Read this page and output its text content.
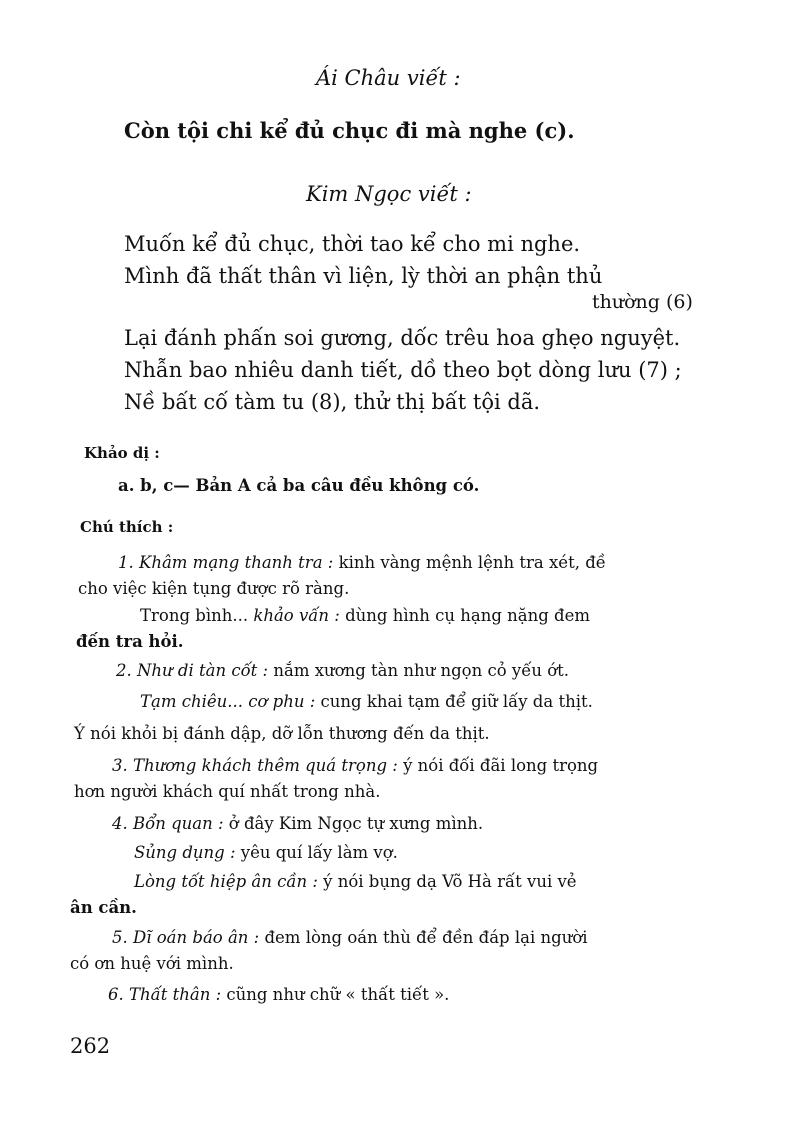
Ái Châu viết :
Còn tội chi kể đủ chục đi mà nghe (c).
Kim Ngọc viết :
Muốn kể đủ chục, thời tao kể cho mi nghe.
Mình đã thất thân vì liện, lỳ thời an phận thủ
thường (6)
Lại đánh phấn soi gương, dốc trêu hoa ghẹo nguyệt.
Nhẫn bao nhiêu danh tiết, dồ theo bọt dòng lưu (7) ;
Nề bất cố tàm tu (8), thử thị bất tội dã.
Khảo dị :
a. b, c— Bản A cả ba câu đều không có.
Chú thích :
1. Khâm mạng thanh tra : kinh vàng mệnh lệnh tra xét, đề
cho việc kiện tụng được rõ ràng.
Trong bình... khảo vấn : dùng hình cụ hạng nặng đem
đến tra hỏi.
2. Như di tàn cốt : nắm xương tàn như ngọn cỏ yếu ớt.
Tạm chiêu... cơ phu : cung khai tạm để giữ lấy da thịt.
Ý nói khỏi bị đánh dập, dỡ lỗn thương đến da thịt.
3. Thương khách thêm quá trọng : ý nói đối đãi long trọng
hơn người khách quí nhất trong nhà.
4. Bổn quan : ở đây Kim Ngọc tự xưng mình.
Sủng dụng : yêu quí lấy làm vợ.
Lòng tốt hiệp ân cần : ý nói bụng dạ Võ Hà rất vui vẻ
ân cần.
5. Dĩ oán báo ân : đem lòng oán thù để đền đáp lại người
có ơn huệ với mình.
6. Thất thân : cũng như chữ « thất tiết ».
262
